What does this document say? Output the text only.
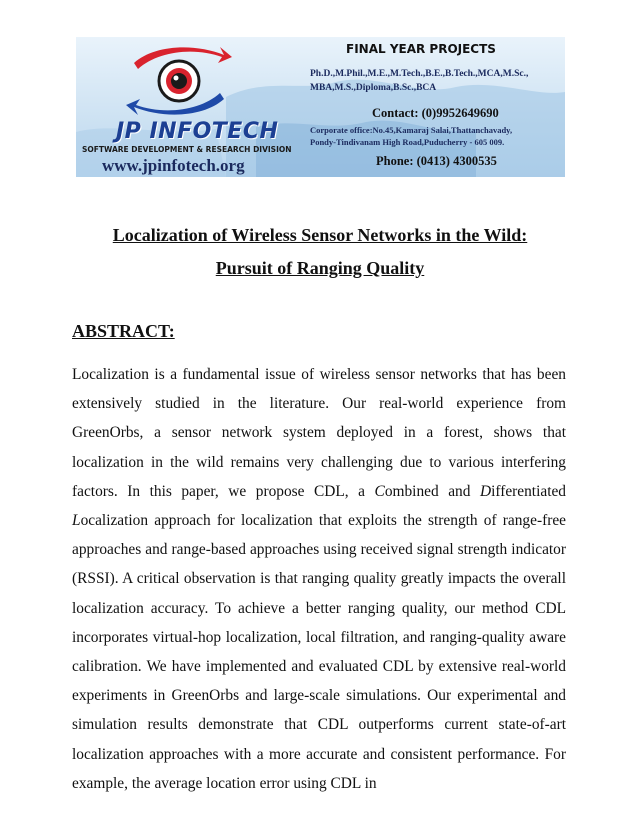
JP INFOTECH
SOFTWARE DEVELOPMENT & RESEARCH DIVISION
www.jpinfotech.org
FINAL YEAR PROJECTS
Ph.D.,M.Phil.,M.E.,M.Tech.,B.E.,B.Tech.,MCA,M.Sc.,
MBA,M.S.,Diploma,B.Sc.,BCA
Contact: (0)9952649690
Corporate office:No.45,Kamaraj Salai,Thattanchavady,
Pondy-Tindivanam High Road,Puducherry - 605 009.
Phone: (0413) 4300535
Localization of Wireless Sensor Networks in the Wild:
Pursuit of Ranging Quality
ABSTRACT:

Localization is a fundamental issue of wireless sensor networks that has been extensively studied in the literature. Our real-world experience from GreenOrbs, a sensor network system deployed in a forest, shows that localization in the wild remains very challenging due to various interfering factors. In this paper, we propose CDL, a Combined and Differentiated Localization approach for localization that exploits the strength of range-free approaches and range-based approaches using received signal strength indicator (RSSI). A critical observation is that ranging quality greatly impacts the overall localization accuracy. To achieve a better ranging quality, our method CDL incorporates virtual-hop localization, local filtration, and ranging-quality aware calibration. We have implemented and evaluated CDL by extensive real-world experiments in GreenOrbs and large-scale simulations. Our experimental and simulation results demonstrate that CDL outperforms current state-of-art localization approaches with a more accurate and consistent performance. For example, the average location error using CDL in
